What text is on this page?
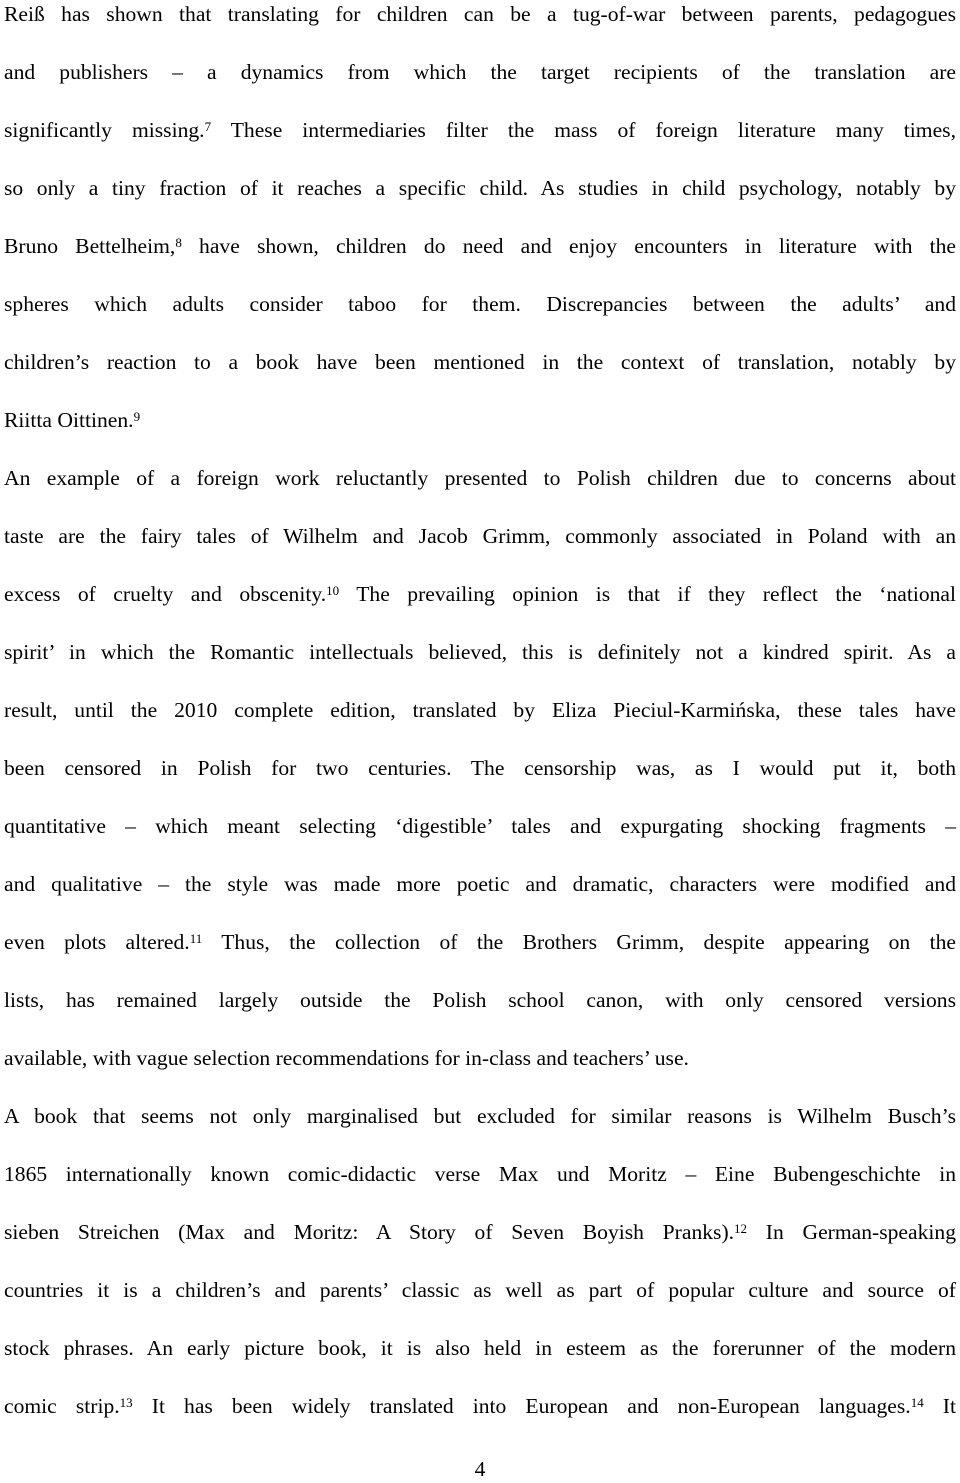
Reiß has shown that translating for children can be a tug-of-war between parents, pedagogues
and publishers – a dynamics from which the target recipients of the translation are
significantly missing.$^7$ These intermediaries filter the mass of foreign literature many times,
so only a tiny fraction of it reaches a specific child. As studies in child psychology, notably by
Bruno Bettelheim,$^8$ have shown, children do need and enjoy encounters in literature with the
spheres which adults consider taboo for them. Discrepancies between the adults’ and
children’s reaction to a book have been mentioned in the context of translation, notably by
Riitta Oittinen.$^9$
An example of a foreign work reluctantly presented to Polish children due to concerns about
taste are the fairy tales of Wilhelm and Jacob Grimm, commonly associated in Poland with an
excess of cruelty and obscenity.$^{10}$ The prevailing opinion is that if they reflect the ‘national
spirit’ in which the Romantic intellectuals believed, this is definitely not a kindred spirit. As a
result, until the 2010 complete edition, translated by Eliza Pieciul-Karmińska, these tales have
been censored in Polish for two centuries. The censorship was, as I would put it, both
quantitative – which meant selecting ‘digestible’ tales and expurgating shocking fragments –
and qualitative – the style was made more poetic and dramatic, characters were modified and
even plots altered.$^{11}$ Thus, the collection of the Brothers Grimm, despite appearing on the
lists, has remained largely outside the Polish school canon, with only censored versions
available, with vague selection recommendations for in-class and teachers’ use.
A book that seems not only marginalised but excluded for similar reasons is Wilhelm Busch’s
1865 internationally known comic-didactic verse Max und Moritz – Eine Bubengeschichte in
sieben Streichen (Max and Moritz: A Story of Seven Boyish Pranks).$^{12}$ In German-speaking
countries it is a children’s and parents’ classic as well as part of popular culture and source of
stock phrases. An early picture book, it is also held in esteem as the forerunner of the modern
comic strip.$^{13}$ It has been widely translated into European and non-European languages.$^{14}$ It
4
